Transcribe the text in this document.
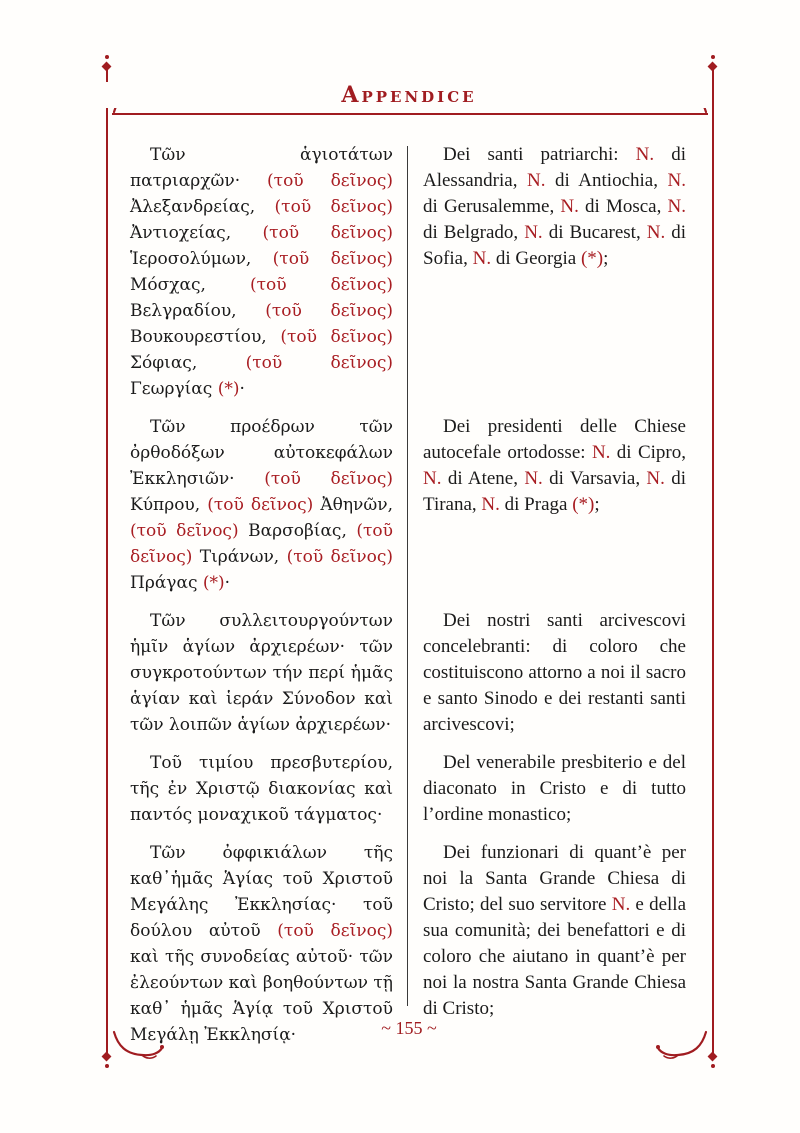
Appendice
Τῶν ἁγιοτάτων πατριαρχῶν· (τοῦ δεῖνος) Ἀλεξανδρείας, (τοῦ δεῖνος) Ἀντιοχείας, (τοῦ δεῖνος) Ἱεροσολύμων, (τοῦ δεῖνος) Μόσχας, (τοῦ δεῖνος) Βελγραδίου, (τοῦ δεῖνος) Βουκουρεστίου, (τοῦ δεῖνος) Σόφιας, (τοῦ δεῖνος) Γεωργίας (*)·
Dei santi patriarchi: N. di Alessandria, N. di Antiochia, N. di Gerusalemme, N. di Mosca, N. di Belgrado, N. di Bucarest, N. di Sofia, N. di Georgia (*);
Τῶν προέδρων τῶν ὀρθοδόξων αὐτοκεφάλων Ἐκκλησιῶν· (τοῦ δεῖνος) Κύπρου, (τοῦ δεῖνος) Ἀθηνῶν, (τοῦ δεῖνος) Βαρσοβίας, (τοῦ δεῖνος) Τιράνων, (τοῦ δεῖνος) Πράγας (*)·
Dei presidenti delle Chiese autocefale ortodosse: N. di Cipro, N. di Atene, N. di Varsavia, N. di Tirana, N. di Praga (*);
Τῶν συλλειτουργούντων ἡμῖν ἁγίων ἀρχιερέων· τῶν συγκροτούντων τήν περί ἡμᾶς ἁγίαν καὶ ἱεράν Σύνοδον καὶ τῶν λοιπῶν ἁγίων ἀρχιερέων·
Dei nostri santi arcivescovi concelebranti: di coloro che costituiscono attorno a noi il sacro e santo Sinodo e dei restanti santi arcivescovi;
Τοῦ τιμίου πρεσβυτερίου, τῆς ἐν Χριστῷ διακονίας καὶ παντός μοναχικοῦ τάγματος·
Del venerabile presbiterio e del diaconato in Cristo e di tutto l’ordine monastico;
Τῶν ὀφφικιάλων τῆς καθ᾽ἡμᾶς Ἁγίας τοῦ Χριστοῦ Μεγάλης Ἐκκλησίας· τοῦ δούλου αὐτοῦ (τοῦ δεῖνος) καὶ τῆς συνοδείας αὐτοῦ· τῶν ἐλεούντων καὶ βοηθούντων τῇ καθ᾽ ἡμᾶς Ἁγίᾳ τοῦ Χριστοῦ Μεγάλῃ Ἐκκλησίᾳ·
Dei funzionari di quant’è per noi la Santa Grande Chiesa di Cristo; del suo servitore N. e della sua comunità; dei benefattori e di coloro che aiutano in quant’è per noi la nostra Santa Grande Chiesa di Cristo;
~ 155 ~
